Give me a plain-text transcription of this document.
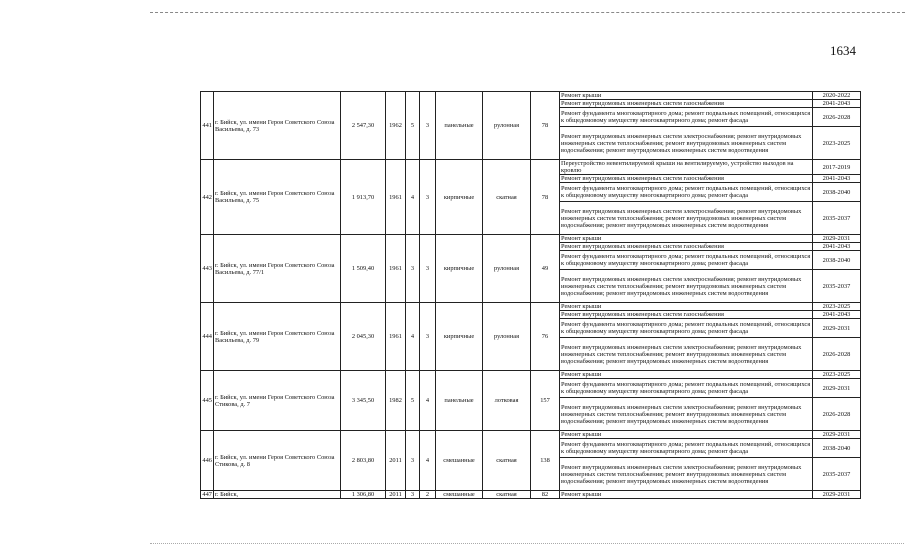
1634
441	г. Бийск, ул. имени Героя Советского Союза Васильева, д. 73	2 547,30	1962	5	3	панельные	рулонная	78	Ремонт крыши	2020-2022
									Ремонт внутридомовых инженерных систем газоснабжения	2041-2043
									Ремонт фундамента многоквартирного дома; ремонт подвальных помещений, относящихся к общедомовому имуществу многоквартирного дома; ремонт фасада	2026-2028
									Ремонт внутридомовых инженерных систем электроснабжения; ремонт внутридомовых инженерных систем теплоснабжения; ремонт внутридомовых инженерных систем водоснабжения; ремонт внутридомовых инженерных систем водоотведения	2023-2025
442	г. Бийск, ул. имени Героя Советского Союза Васильева, д. 75	1 913,70	1961	4	3	кирпичные	скатная	78	Переустройство невентилируемой крыши на вентилируемую, устройство выходов на кровлю	2017-2019
									Ремонт внутридомовых инженерных систем газоснабжения	2041-2043
									Ремонт фундамента многоквартирного дома; ремонт подвальных помещений, относящихся к общедомовому имуществу многоквартирного дома; ремонт фасада	2038-2040
									Ремонт внутридомовых инженерных систем электроснабжения; ремонт внутридомовых инженерных систем теплоснабжения; ремонт внутридомовых инженерных систем водоснабжения; ремонт внутридомовых инженерных систем водоотведения	2035-2037
443	г. Бийск, ул. имени Героя Советского Союза Васильева, д. 77/1	1 509,40	1961	3	3	кирпичные	рулонная	49	Ремонт крыши	2029-2031
									Ремонт внутридомовых инженерных систем газоснабжения	2041-2043
									Ремонт фундамента многоквартирного дома; ремонт подвальных помещений, относящихся к общедомовому имуществу многоквартирного дома; ремонт фасада	2038-2040
									Ремонт внутридомовых инженерных систем электроснабжения; ремонт внутридомовых инженерных систем теплоснабжения; ремонт внутридомовых инженерных систем водоснабжения; ремонт внутридомовых инженерных систем водоотведения	2035-2037
444	г. Бийск, ул. имени Героя Советского Союза Васильева, д. 79	2 045,30	1961	4	3	кирпичные	рулонная	76	Ремонт крыши	2023-2025
									Ремонт внутридомовых инженерных систем газоснабжения	2041-2043
									Ремонт фундамента многоквартирного дома; ремонт подвальных помещений, относящихся к общедомовому имуществу многоквартирного дома; ремонт фасада	2029-2031
									Ремонт внутридомовых инженерных систем электроснабжения; ремонт внутридомовых инженерных систем теплоснабжения; ремонт внутридомовых инженерных систем водоснабжения; ремонт внутридомовых инженерных систем водоотведения	2026-2028
445	г. Бийск, ул. имени Героя Советского Союза Стикова, д. 7	3 345,50	1982	5	4	панельные	лотковая	157	Ремонт крыши	2023-2025
									Ремонт фундамента многоквартирного дома; ремонт подвальных помещений, относящихся к общедомовому имуществу многоквартирного дома; ремонт фасада	2029-2031
									Ремонт внутридомовых инженерных систем электроснабжения; ремонт внутридомовых инженерных систем теплоснабжения; ремонт внутридомовых инженерных систем водоснабжения; ремонт внутридомовых инженерных систем водоотведения	2026-2028
446	г. Бийск, ул. имени Героя Советского Союза Стикова, д. 8	2 803,80	2011	3	4	смешанные	скатная	138	Ремонт крыши	2029-2031
									Ремонт фундамента многоквартирного дома; ремонт подвальных помещений, относящихся к общедомовому имуществу многоквартирного дома; ремонт фасада	2038-2040
									Ремонт внутридомовых инженерных систем электроснабжения; ремонт внутридомовых инженерных систем теплоснабжения; ремонт внутридомовых инженерных систем водоснабжения; ремонт внутридомовых инженерных систем водоотведения	2035-2037
447	г. Бийск,	1 306,80	2011	3	2	смешанные	скатная	82	Ремонт крыши	2029-2031
